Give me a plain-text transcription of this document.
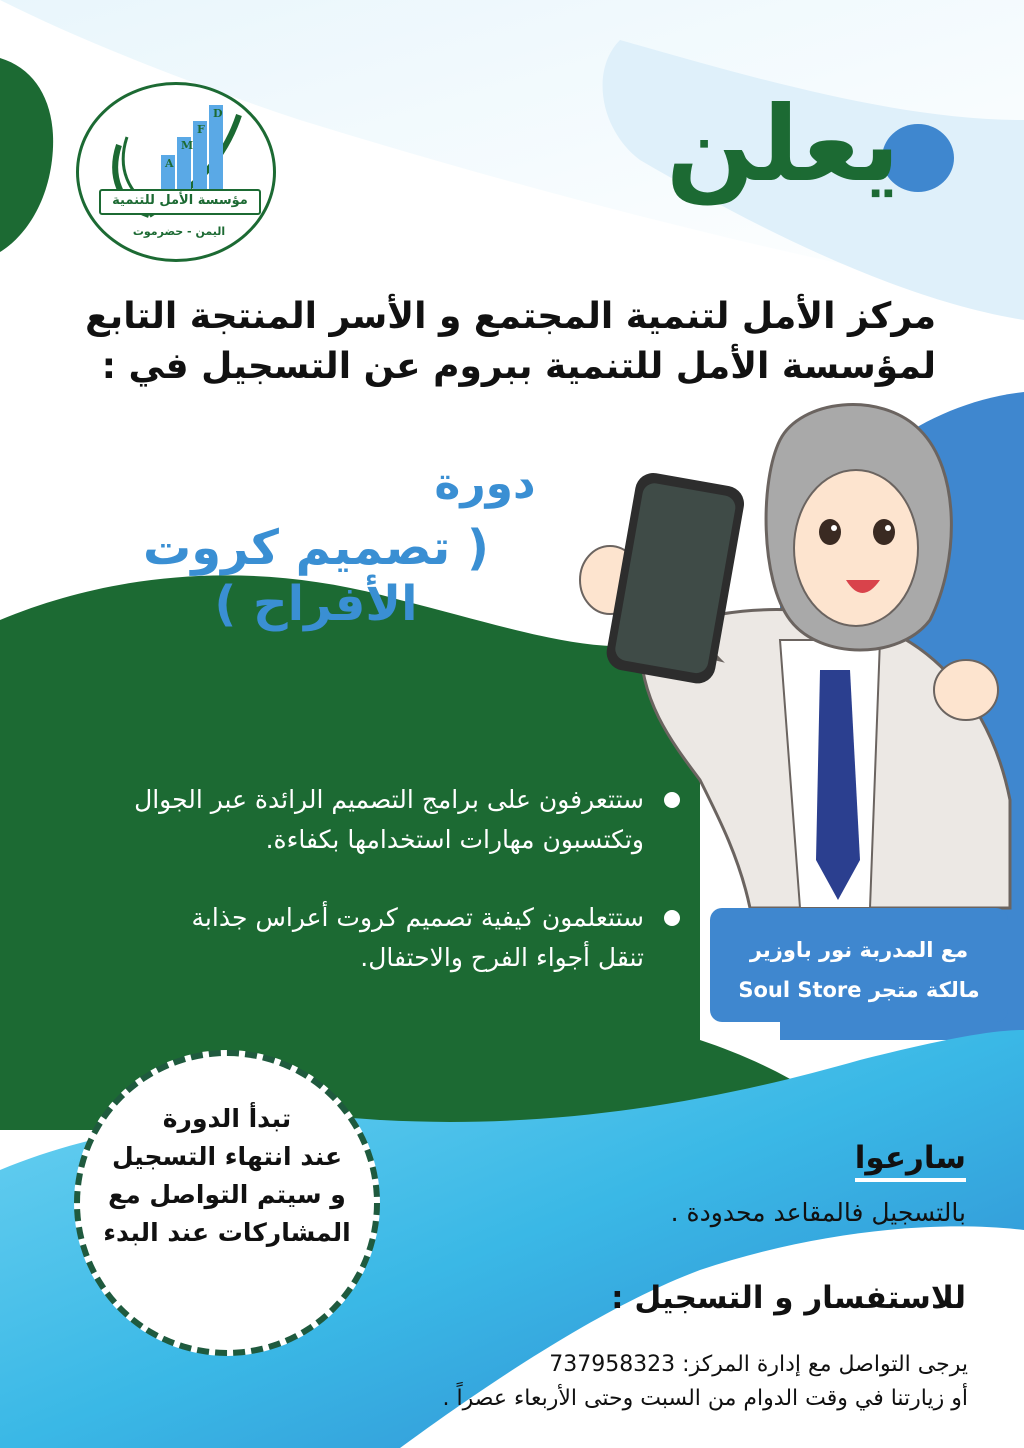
A
M
F
D
مؤسسة الأمل للتنمية
اليمن - حضرموت
يعلن
مركز الأمل لتنمية المجتمع و الأسر المنتجة التابع
لمؤسسة الأمل للتنمية ببروم عن التسجيل في :
دورة
( تصميم كروت الأفراح )
ستتعرفون على برامج التصميم الرائدة عبر الجوال
وتكتسبون مهارات استخدامها بكفاءة.
ستتعلمون كيفية تصميم كروت أعراس جذابة
تنقل أجواء الفرح والاحتفال.	مع المدربة نور باوزير
مالكة متجر Soul Store
تبدأ الدورة
عند انتهاء التسجيل
و سيتم التواصل مع
المشاركات عند البدء
سارعوا
بالتسجيل فالمقاعد محدودة .
للاستفسار و التسجيل :
يرجى التواصل مع إدارة المركز: 737958323
أو زيارتنا في وقت الدوام من السبت وحتى الأربعاء عصراً .
